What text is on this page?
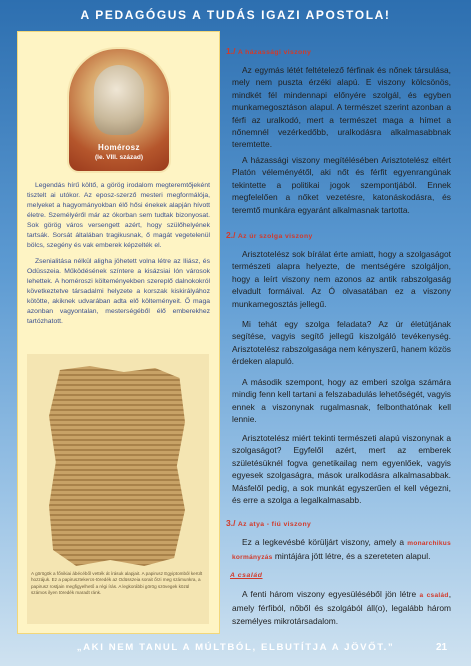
A PEDAGÓGUS A TUDÁS IGAZI APOSTOLA!
Homérosz
(Ie. VIII. század)

Legendás hírű költő, a görög irodalom megteremtőjeként tisztelt ai utókor. Az eposz-szerző mesteri megformálója, melyeket a hagyományokban élő hősi énekek alapján hívott életre. Személyéről már az ókorban sem tudtak bizonyosat. Sok görög város versengett azért, hogy szülőhelyének tartsák. Sorsát általában tragikusnak, ő magát vegetelenül bölcs, szegény és vak emberek képzelték el.

Zsenialitása nélkül aligha jöhetett volna létre az Iliász, és Odüsszeia. Működésének színtere a kisázsiai Ión városok lehettek. A homéroszi költeményekben szereplő dalnokokról következtetve társadalmi helyzete a korszak kiskirályához kötötte, akiknek udvarában adta elő költeményeit. Ő maga azonban vagyontalan, mesterségéből élő emberekhez tartózhatott.

A görögök a főnikiai ábécéből vették át írásuk alapjait. A papirusz Egyiptomból került hozzájuk. Ez a papirusztekercs-töredék az Odüsszeia sorait őrzi meg számunkra, a papirusz rostjain megfigyelhető a régi írás. A legkorábbi görög szövegek közül számos ilyen töredék maradt ránk.
1./ A házassági viszony

Az egymás létét feltételező férfinak és nőnek társulása, mely nem puszta érzéki alapú. E viszony kölcsönös, mindkét fél mindennapi előnyére szolgál, és egyben munkamegosztáson alapul. A természet szerint azonban a férfi az uralkodó, mert a természet maga a hímet a nőnemnél vezérkedőbb, uralkodásra alkalmasabbnak teremtette.

A házassági viszony megítélésében Arisztotelész eltért Platón véleményétől, aki nőt és férfit egyenrangúnak tekintette a politikai jogok szempontjából. Ennek megfelelően a nőket vezetésre, katonáskodásra, és teremtő munkára egyaránt alkalmasnak tartotta.

2./ Az úr szolga viszony

Arisztotelész sok bírálat érte amiatt, hogy a szolgaságot természeti alapra helyezte, de mentségére szolgáljon, hogy a leírt viszony nem azonos az antik rabszolgaság elvadult formáival. Az Ó olvasatában ez a viszony munkamegosztás jellegű.

Mi tehát egy szolga feladata? Az úr életútjának segítése, vagyis segítő jellegű kiszolgáló tevékenység. Arisztotelész rabszolgasága nem kényszerű, hanem közös érdeken alapuló.

A második szempont, hogy az emberi szolga számára mindig fenn kell tartani a felszabadulás lehetőségét, vagyis ennek a viszonynak rugalmasnak, felbonthatónak kell lennie.

Arisztotelész miért tekinti természeti alapú viszonynak a szolgaságot? Egyfelől azért, mert az emberek születésüknél fogva genetikailag nem egyenlőek, vagyis egyesek szolgaságra, mások uralkodásra alkalmasabbak. Másfelől pedig, a sok munkát egyszerűen el kell végezni, és erre a szolga a legalkalmasabb.

3./ Az atya - fiú viszony

Ez a legkevésbé körüljárt viszony, amely a monarchikus kormányzás mintájára jött létre, és a szereteten alapul.

A család

A fenti három viszony egyesüléséből jön létre a család, amely férfiból, nőből és szolgából áll(o), legalább három személyes mikrotársadalom.

„AKI NEM TANUL A MÚLTBÓL, ELBUTÍTJA A JÖVŐT.”	21
